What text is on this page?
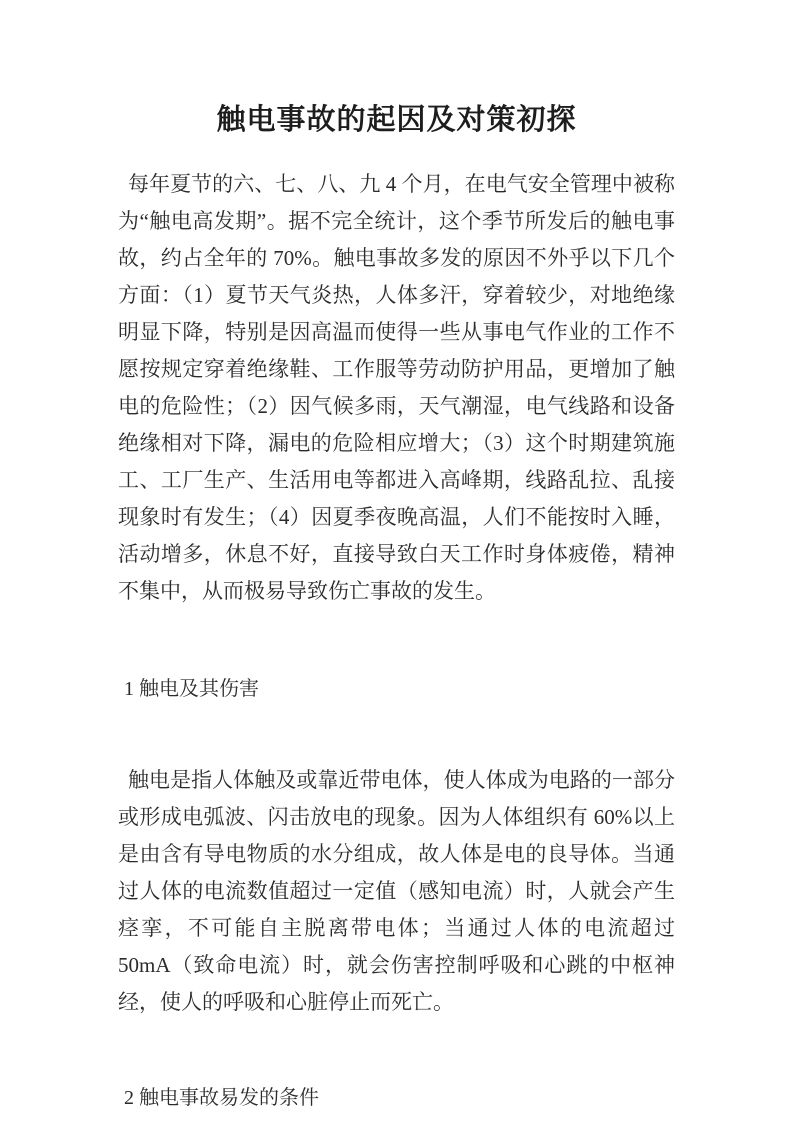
触电事故的起因及对策初探

每年夏节的六、七、八、九 4 个月，在电气安全管理中被称为“触电高发期”。据不完全统计，这个季节所发后的触电事故，约占全年的 70%。触电事故多发的原因不外乎以下几个方面：（1）夏节天气炎热，人体多汗，穿着较少，对地绝缘明显下降，特别是因高温而使得一些从事电气作业的工作不愿按规定穿着绝缘鞋、工作服等劳动防护用品，更增加了触电的危险性；（2）因气候多雨，天气潮湿，电气线路和设备绝缘相对下降，漏电的危险相应增大；（3）这个时期建筑施工、工厂生产、生活用电等都进入高峰期，线路乱拉、乱接现象时有发生；（4）因夏季夜晚高温，人们不能按时入睡，活动增多，休息不好，直接导致白天工作时身体疲倦，精神不集中，从而极易导致伤亡事故的发生。

1 触电及其伤害

触电是指人体触及或靠近带电体，使人体成为电路的一部分或形成电弧波、闪击放电的现象。因为人体组织有 60%以上是由含有导电物质的水分组成，故人体是电的良导体。当通过人体的电流数值超过一定值（感知电流）时，人就会产生痉挛，不可能自主脱离带电体；当通过人体的电流超过 50mA（致命电流）时，就会伤害控制呼吸和心跳的中枢神经，使人的呼吸和心脏停止而死亡。

2 触电事故易发的条件
